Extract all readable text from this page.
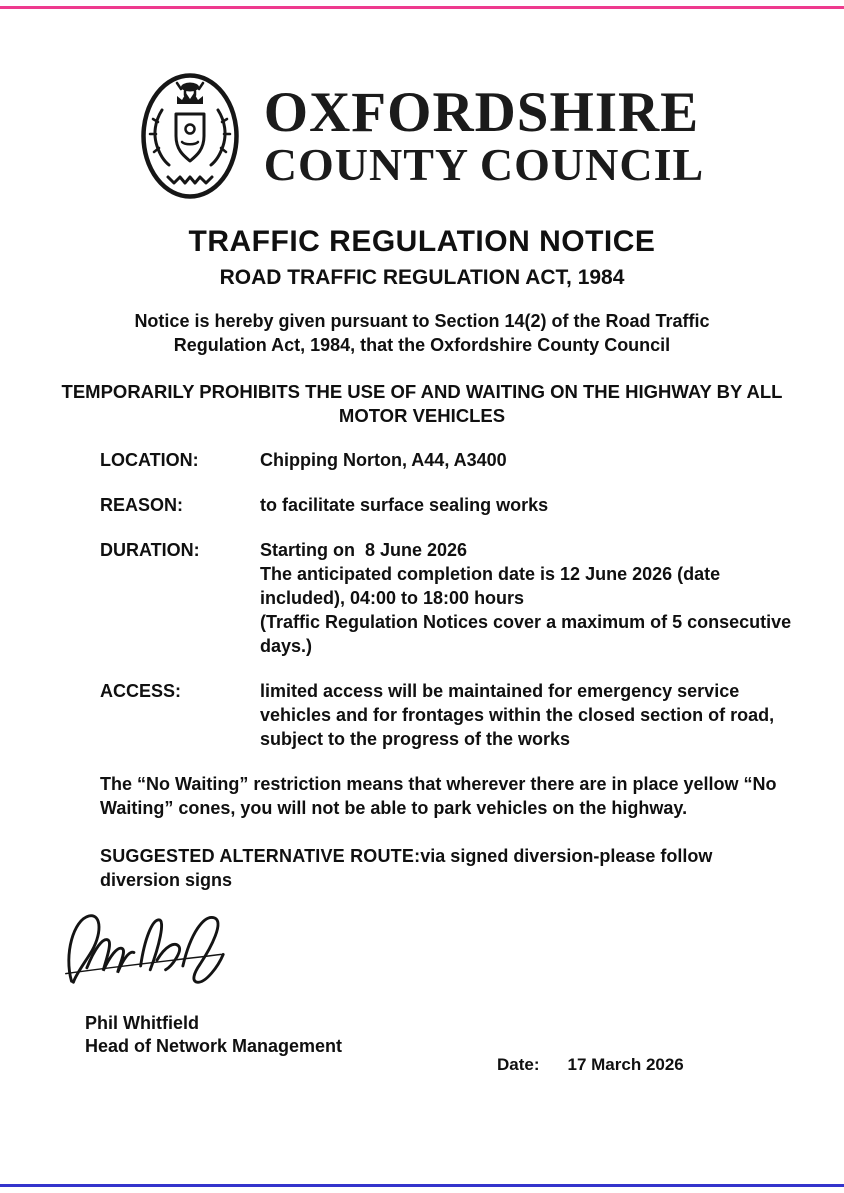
OXFORDSHIRE
COUNTY COUNCIL
TRAFFIC REGULATION NOTICE
ROAD TRAFFIC REGULATION ACT, 1984

Notice is hereby given pursuant to Section 14(2) of the Road Traffic Regulation Act, 1984, that the Oxfordshire County Council

TEMPORARILY PROHIBITS THE USE OF AND WAITING ON THE HIGHWAY BY ALL MOTOR VEHICLES

LOCATION:	Chipping Norton, A44, A3400
REASON:	to facilitate surface sealing works
DURATION:	Starting on  8 June 2026
The anticipated completion date is 12 June 2026 (date included), 04:00 to 18:00 hours
(Traffic Regulation Notices cover a maximum of 5 consecutive days.)
ACCESS:	limited access will be maintained for emergency service vehicles and for frontages within the closed section of road, subject to the progress of the works

The “No Waiting” restriction means that wherever there are in place yellow “No Waiting” cones, you will not be able to park vehicles on the highway.

SUGGESTED ALTERNATIVE ROUTE:via signed diversion-please follow diversion signs

Phil Whitfield
Head of Network Management
Date: 17 March 2026
